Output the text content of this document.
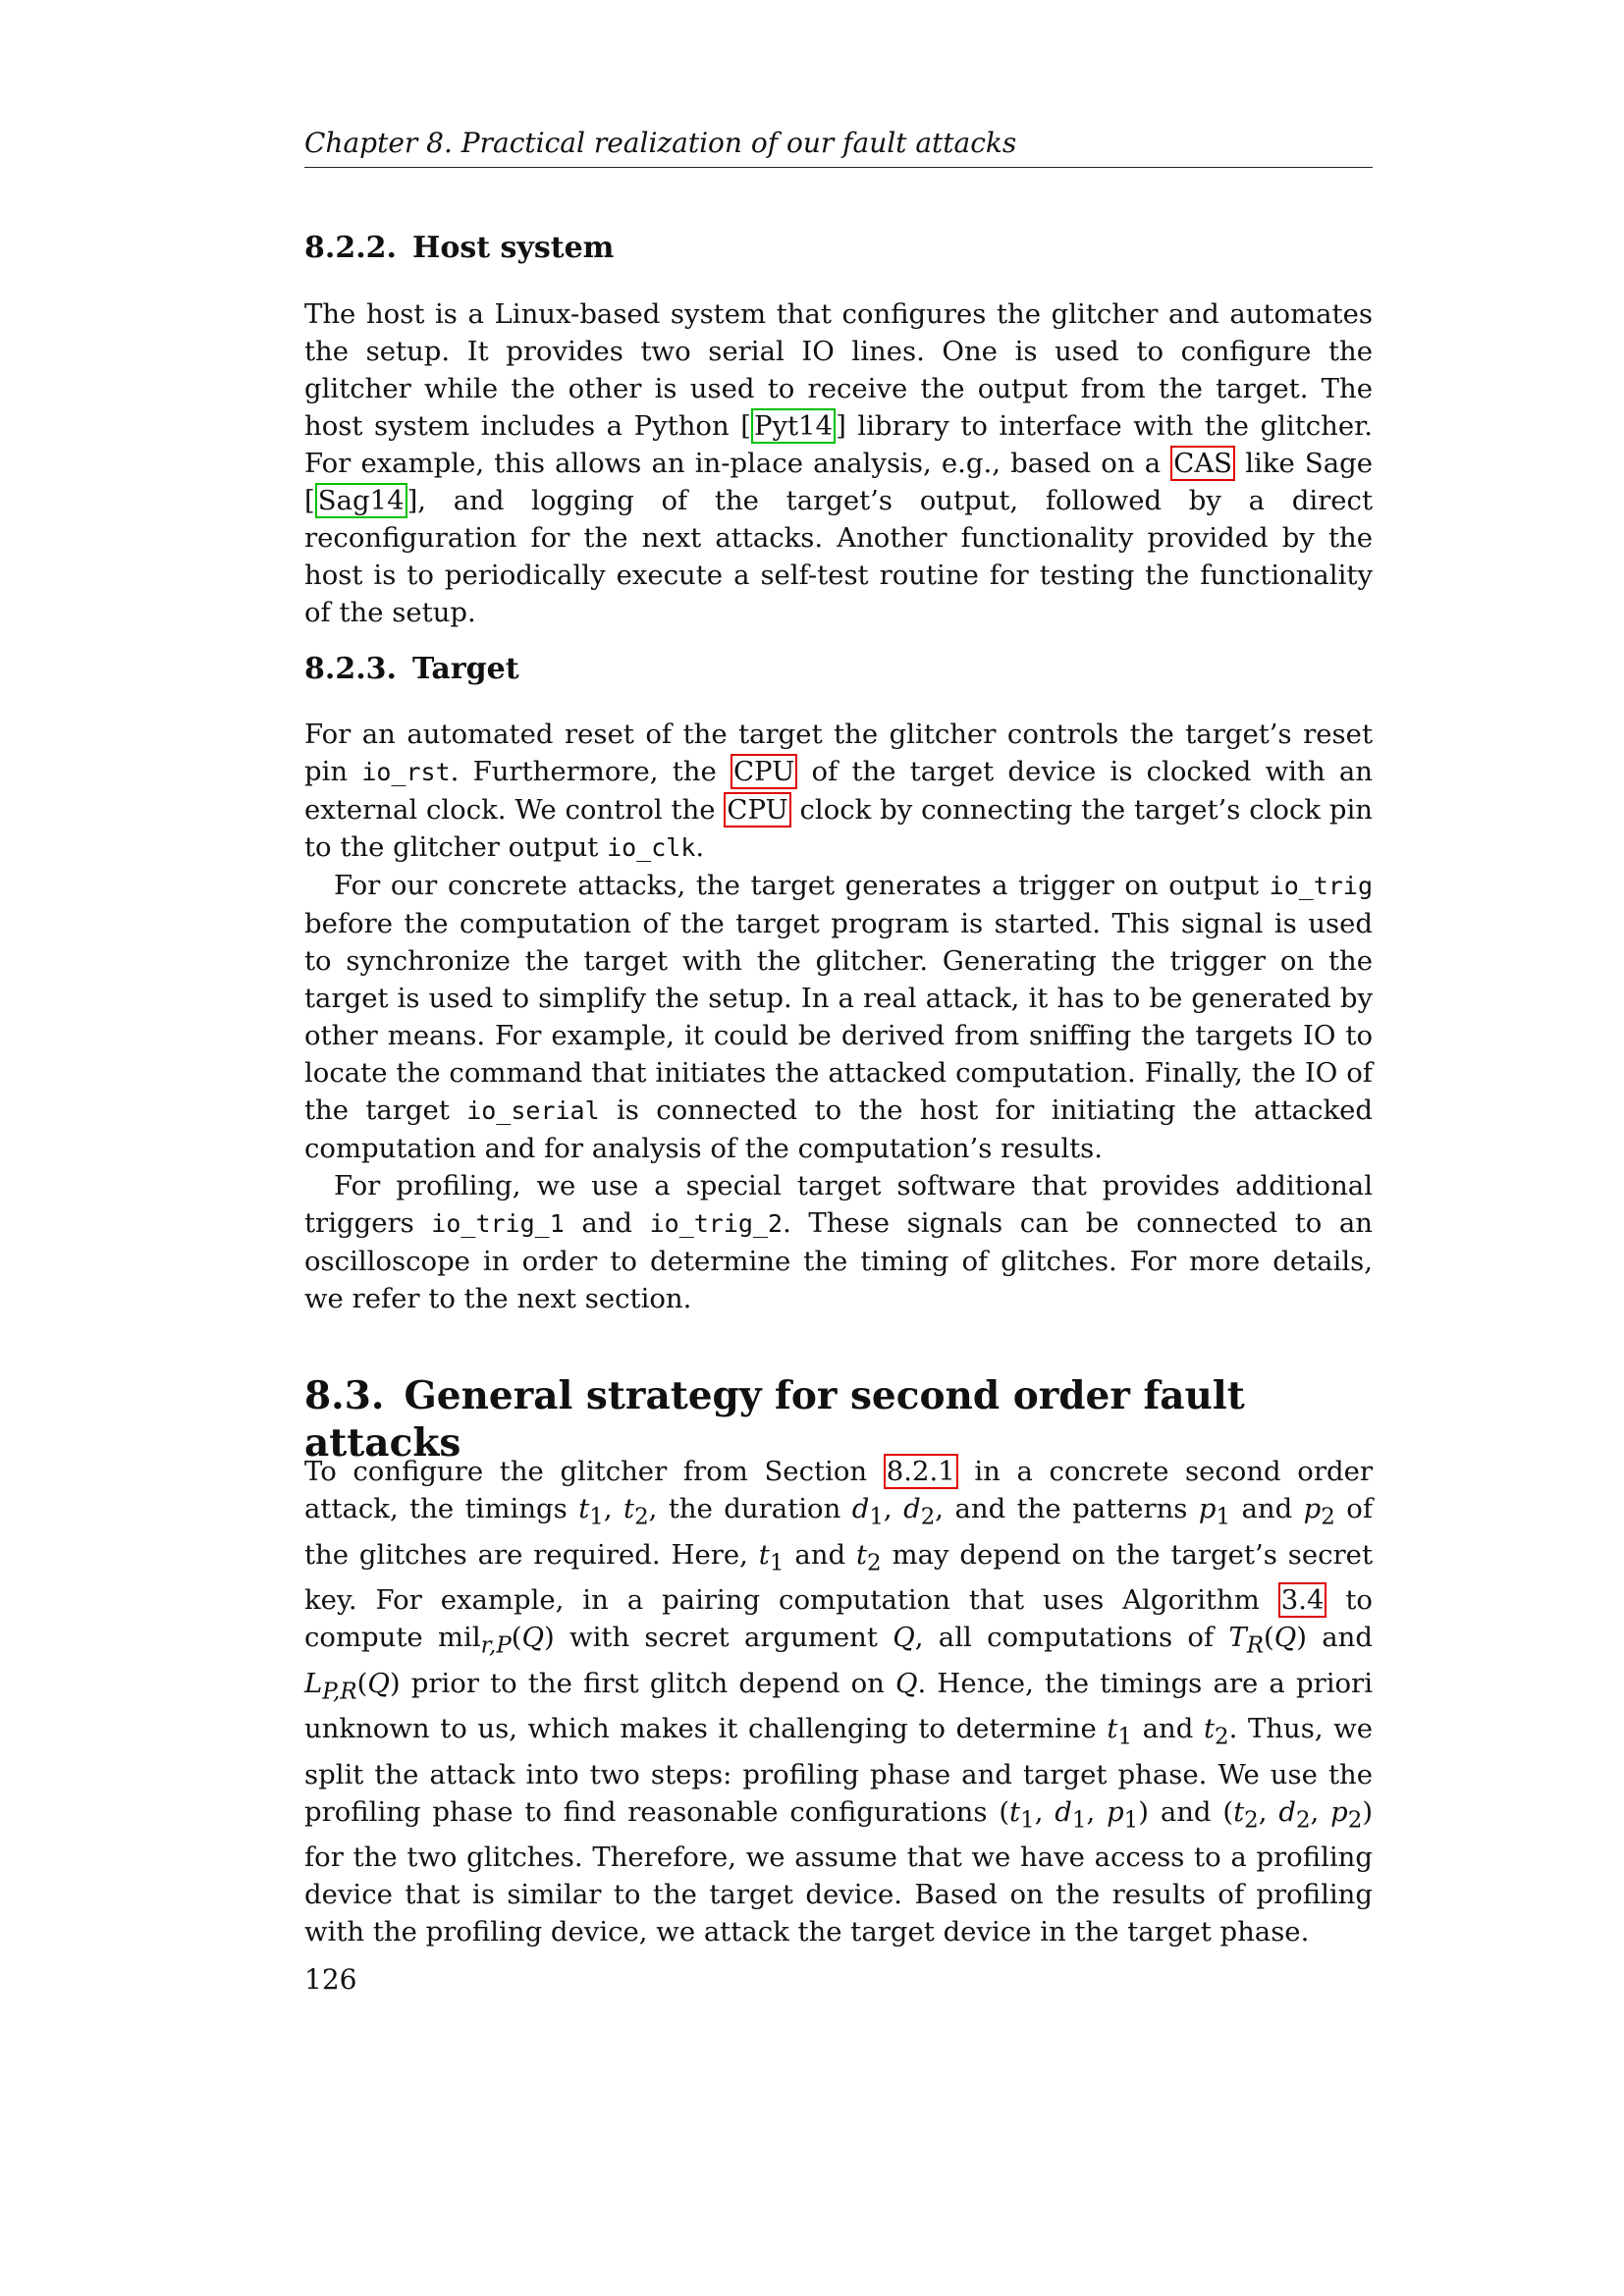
Chapter 8. Practical realization of our fault attacks
8.2.2. Host system

The host is a Linux-based system that configures the glitcher and automates the setup. It provides two serial IO lines. One is used to configure the glitcher while the other is used to receive the output from the target. The host system includes a Python [ Pyt14 ] library to interface with the glitcher. For example, this allows an in-place analysis, e.g., based on a CAS like Sage [ Sag14 ], and logging of the target’s output, followed by a direct reconfiguration for the next attacks. Another functionality provided by the host is to periodically execute a self-test routine for testing the functionality of the setup.

8.2.3. Target

For an automated reset of the target the glitcher controls the target’s reset pin io_rst. Furthermore, the CPU of the target device is clocked with an external clock. We control the CPU clock by connecting the target’s clock pin to the glitcher output io_clk.

For our concrete attacks, the target generates a trigger on output io_trig before the computation of the target program is started. This signal is used to synchronize the target with the glitcher. Generating the trigger on the target is used to simplify the setup. In a real attack, it has to be generated by other means. For example, it could be derived from sniffing the targets IO to locate the command that initiates the attacked computation. Finally, the IO of the target io_serial is connected to the host for initiating the attacked computation and for analysis of the computation’s results.

For profiling, we use a special target software that provides additional triggers io_trig_1 and io_trig_2. These signals can be connected to an oscilloscope in order to determine the timing of glitches. For more details, we refer to the next section.

8.3. General strategy for second order fault attacks

To configure the glitcher from Section 8.2.1 in a concrete second order attack, the timings $t_1$, $t_2$, the duration $d_1$, $d_2$, and the patterns $p_1$ and $p_2$ of the glitches are required. Here, $t_1$ and $t_2$ may depend on the target’s secret key. For example, in a pairing computation that uses Algorithm 3.4 to compute mil$_{r,P}$(Q) with secret argument Q, all computations of $T_R(Q)$ and $L_{P,R}(Q)$ prior to the first glitch depend on Q. Hence, the timings are a priori unknown to us, which makes it challenging to determine $t_1$ and $t_2$. Thus, we split the attack into two steps: profiling phase and target phase. We use the profiling phase to find reasonable configurations ($t_1$, $d_1$, $p_1$) and ($t_2$, $d_2$, $p_2$) for the two glitches. Therefore, we assume that we have access to a profiling device that is similar to the target device. Based on the results of profiling with the profiling device, we attack the target device in the target phase.

126
